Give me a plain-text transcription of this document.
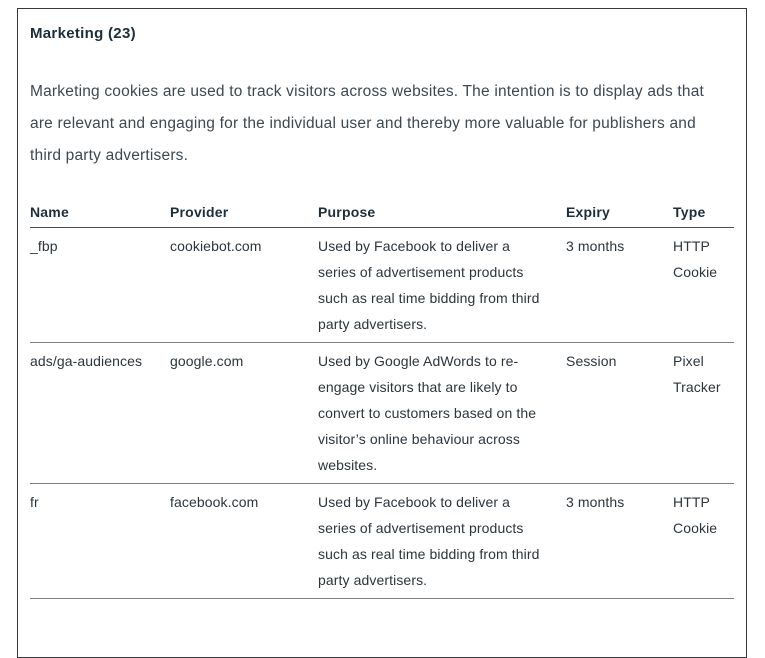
Marketing (23)

Marketing cookies are used to track visitors across websites. The intention is to display ads that are relevant and engaging for the individual user and thereby more valuable for publishers and third party advertisers.

Name	Provider	Purpose	Expiry	Type
_fbp	cookiebot.com	Used by Facebook to deliver a series of advertisement products such as real time bidding from third party advertisers.	3 months	HTTP Cookie
ads/ga-audiences	google.com	Used by Google AdWords to re-engage visitors that are likely to convert to customers based on the visitor’s online behaviour across websites.	Session	Pixel Tracker
fr	facebook.com	Used by Facebook to deliver a series of advertisement products such as real time bidding from third party advertisers.	3 months	HTTP Cookie
